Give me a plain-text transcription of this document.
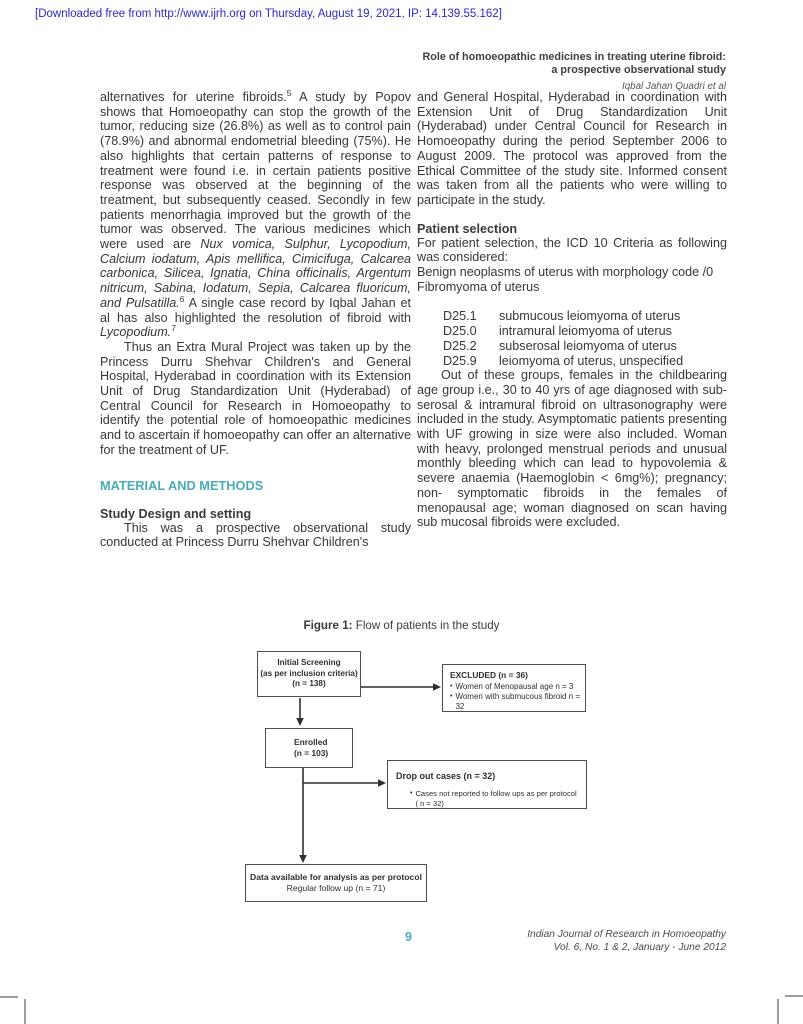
[Downloaded free from http://www.ijrh.org on Thursday, August 19, 2021, IP: 14.139.55.162]
Role of homoeopathic medicines in treating uterine fibroid:
a prospective observational study
Iqbal Jahan Quadri et al

alternatives for uterine fibroids.$^5$ A study by Popov shows that Homoeopathy can stop the growth of the tumor, reducing size (26.8%) as well as to control pain (78.9%) and abnormal endometrial bleeding (75%). He also highlights that certain patterns of response to treatment were found i.e. in certain patients positive response was observed at the beginning of the treatment, but subsequently ceased. Secondly in few patients menorrhagia improved but the growth of the tumor was observed. The various medicines which were used are Nux vomica, Sulphur, Lycopodium, Calcium iodatum, Apis mellifica, Cimicifuga, Calcarea carbonica, Silicea, Ignatia, China officinalis, Argentum nitricum, Sabina, Iodatum, Sepia, Calcarea fluoricum, and Pulsatilla.$^6$ A single case record by Iqbal Jahan et al has also highlighted the resolution of fibroid with Lycopodium.$^7$

Thus an Extra Mural Project was taken up by the Princess Durru Shehvar Children's and General Hospital, Hyderabad in coordination with its Extension Unit of Drug Standardization Unit (Hyderabad) of Central Council for Research in Homoeopathy to identify the potential role of homoeopathic medicines and to ascertain if homoeopathy can offer an alternative for the treatment of UF.

MATERIAL AND METHODS
Study Design and setting

This was a prospective observational study conducted at Princess Durru Shehvar Children's

and General Hospital, Hyderabad in coordination with Extension Unit of Drug Standardization Unit (Hyderabad) under Central Council for Research in Homoeopathy during the period September 2006 to August 2009. The protocol was approved from the Ethical Committee of the study site. Informed consent was taken from all the patients who were willing to participate in the study.

Patient selection

For patient selection, the ICD 10 Criteria as following was considered:

Benign neoplasms of uterus with morphology code /0

Fibromyoma of uterus

D25.1	submucous leiomyoma of uterus
D25.0	intramural leiomyoma of uterus
D25.2	subserosal leiomyoma of uterus
D25.9	leiomyoma of uterus, unspecified

Out of these groups, females in the childbearing age group i.e., 30 to 40 yrs of age diagnosed with sub-serosal & intramural fibroid on ultrasonography were included in the study. Asymptomatic patients presenting with UF growing in size were also included. Woman with heavy, prolonged menstrual periods and unusual monthly bleeding which can lead to hypovolemia & severe anaemia (Haemoglobin < 6mg%); pregnancy; non- symptomatic fibroids in the females of menopausal age; woman diagnosed on scan having sub mucosal fibroids were excluded.

Figure 1: Flow of patients in the study
Initial Screening
(as per inclusion criteria)
(n = 138)
EXCLUDED (n = 36)
• Women of Menopausal age n = 3
• Women with submucous fibroid n = 32
Enrolled
(n = 103)
Drop out cases (n = 32)
• Cases not reported to follow ups as per protocol ( n = 32)
Data available for analysis as per protocol
Regular follow up (n = 71)
9	Indian Journal of Research in Homoeopathy
Vol. 6, No. 1 & 2, January - June 2012
